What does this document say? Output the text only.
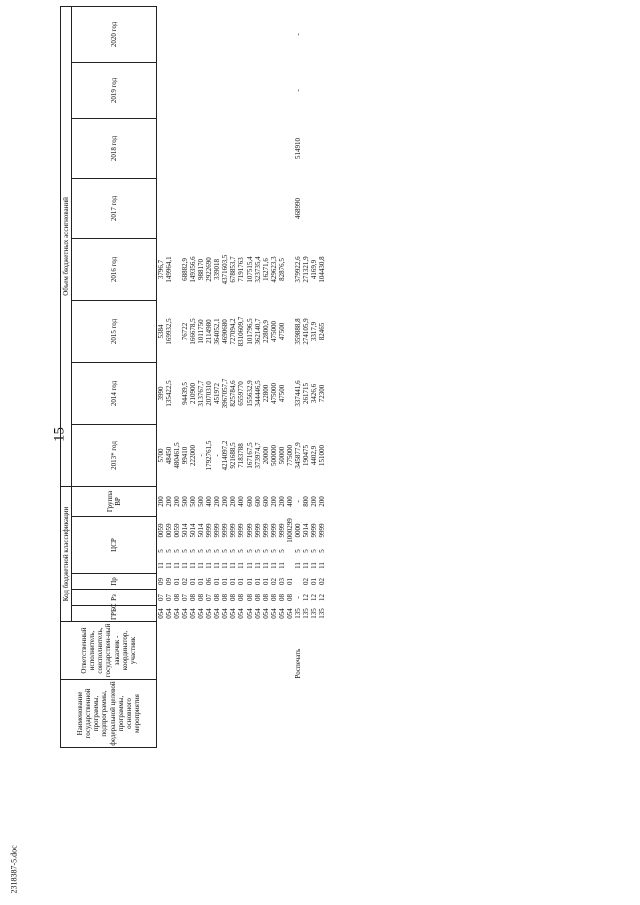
15
2318387-5.doc
Наименование государственной программы, подпрограммы, федеральной целевой программы, основного мероприятия	Ответственный исполнитель, соисполнитель, государствен-ный заказчик - координатор, участник	Код бюджетной классификации							Объем бюджетных ассигнований							
		ГРБС	Рз	Пр	ЦСР			Группа ВР	2013* год	2014 год	2015 год	2016 год	2017 год	2018 год	2019 год	2020 год
		054	07	09	11	5	0059	200	5700	3990	5384	3796,7				
		054	07	09	11	5	0059	200	48450	135422,5	169932,5	149964,1				
		054	08	01	11	5	0059	200	480461,5							
		054	07	02	11	5	5014	500	99410	94439,5	76722	68882,9				
		054	08	01	11	5	5014	500	222000	210900	166678,5	149356,6				
		054	08	01	11	5	5014	500	-	313767,7	1011750	988170				
		054	07	06	11	5	9999	400	1792761,5	2070310	2114980	2922690				
		054	08	01	11	5	9999	200	-	451972	364052,1	339018				
		054	08	01	11	5	9999	200	4214097,2	3967057,7	4690680	4371603,5				
		054	08	01	11	5	9999	200	921688,5	825784,6	727094,2	678853,7				
		054	08	01	11	5	9999	400	7183788	6559770	8310609,7	7191763				
		054	08	01	11	5	9999	600	167167,5	155632,9	101796,5	107515,4				
		054	08	01	11	5	9999	600	373974,7	344446,5	362140,7	323735,4				
		054	08	01	11	5	9999	600	20000	22800	22800,9	16271,6				
		054	08	02	11	5	9999	200	500000	475000	475000	429623,3				
		054	08	03	11	5	9999	200	50000	47500	47500	82876,5				
		054	08	01			1000299	400	775000							
	Роспечать	135	-		11	5	0000	-	345877,9	337441,6	359888,8	379922,6	468990	514910	-	-
		135	12	02	11	5	5014	800	190475	261715	274105,9	271321,9				
		135	12	01	11	5	9999	200	4402,9	3426,6	3317,9	4169,9				
		135	12	02	11	5	9999	200	151000	72300	82465	104430,8				
